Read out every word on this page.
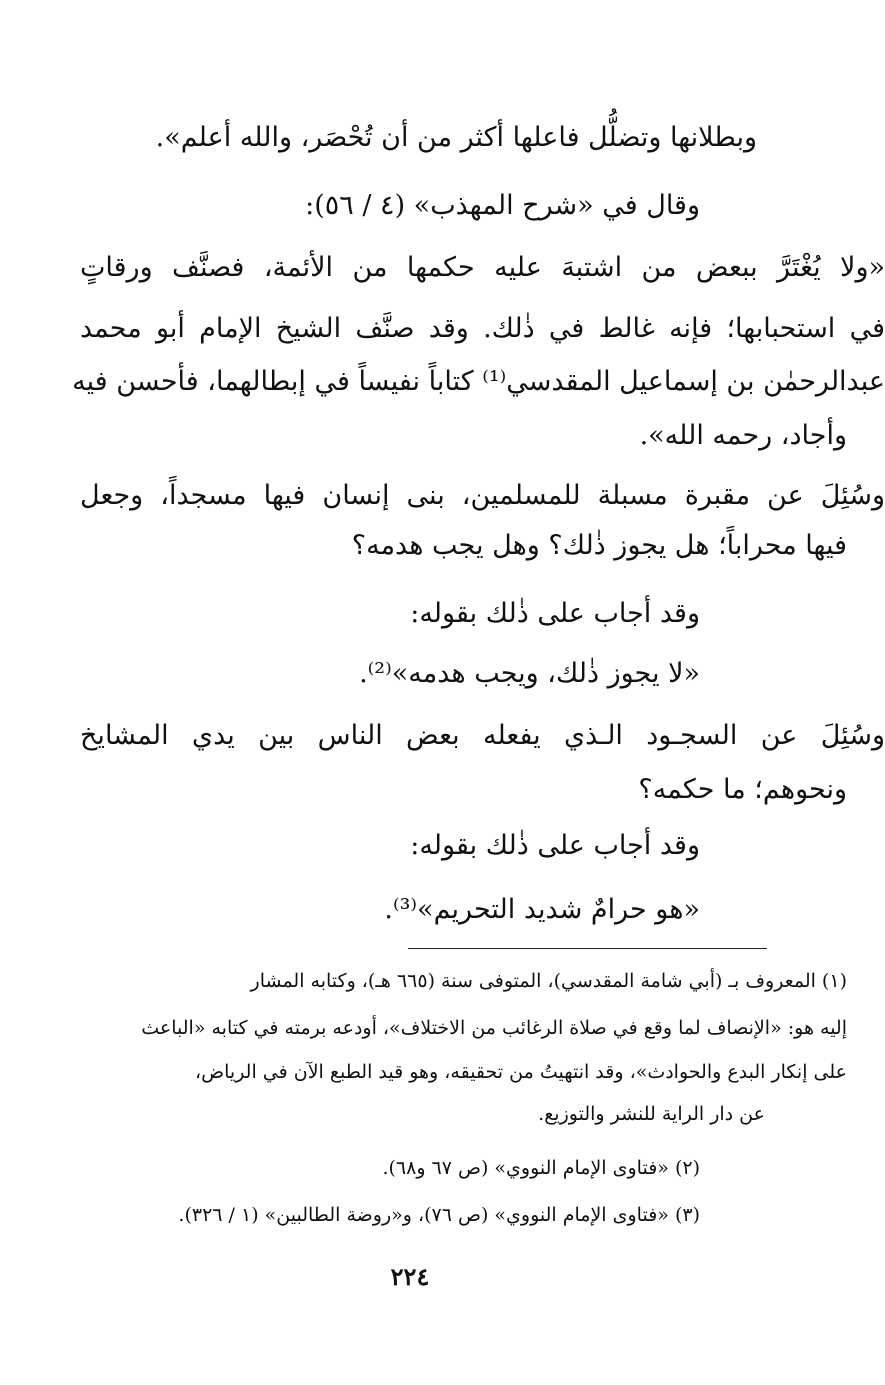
وبطلانها وتضلُّل فاعلها أكثر من أن تُحْصَر، والله أعلم».
وقال في «شرح المهذب» (٤ / ٥٦):
«ولا يُغْتَرَّ ببعض من اشتبهَ عليه حكمها من الأئمة، فصنَّف ورقاتٍ
في استحبابها؛ فإنه غالط في ذٰلك. وقد صنَّف الشيخ الإمام أبو محمد
عبدالرحمٰن بن إسماعيل المقدسي⁽¹⁾ كتاباً نفيساً في إبطالهما، فأحسن فيه
وأجاد، رحمه الله».
وسُئِلَ عن مقبرة مسبلة للمسلمين، بنى إنسان فيها مسجداً، وجعل
فيها محراباً؛ هل يجوز ذٰلك؟ وهل يجب هدمه؟
وقد أجاب على ذٰلك بقوله:
«لا يجوز ذٰلك، ويجب هدمه»⁽²⁾.
وسُئِلَ عن السجـود الـذي يفعله بعض الناس بين يدي المشايخ
ونحوهم؛ ما حكمه؟
وقد أجاب على ذٰلك بقوله:
«هو حرامٌ شديد التحريم»⁽³⁾.
(١) المعروف بـ (أبي شامة المقدسي)، المتوفى سنة (٦٦٥ هـ)، وكتابه المشار
إليه هو: «الإنصاف لما وقع في صلاة الرغائب من الاختلاف»، أودعه برمته في كتابه «الباعث
على إنكار البدع والحوادث»، وقد انتهيتُ من تحقيقه، وهو قيد الطبع الآن في الرياض،
عن دار الراية للنشر والتوزيع.
(٢) «فتاوى الإمام النووي» (ص ٦٧ و٦٨).
(٣) «فتاوى الإمام النووي» (ص ٧٦)، و«روضة الطالبين» (١ / ٣٢٦).
٢٢٤
